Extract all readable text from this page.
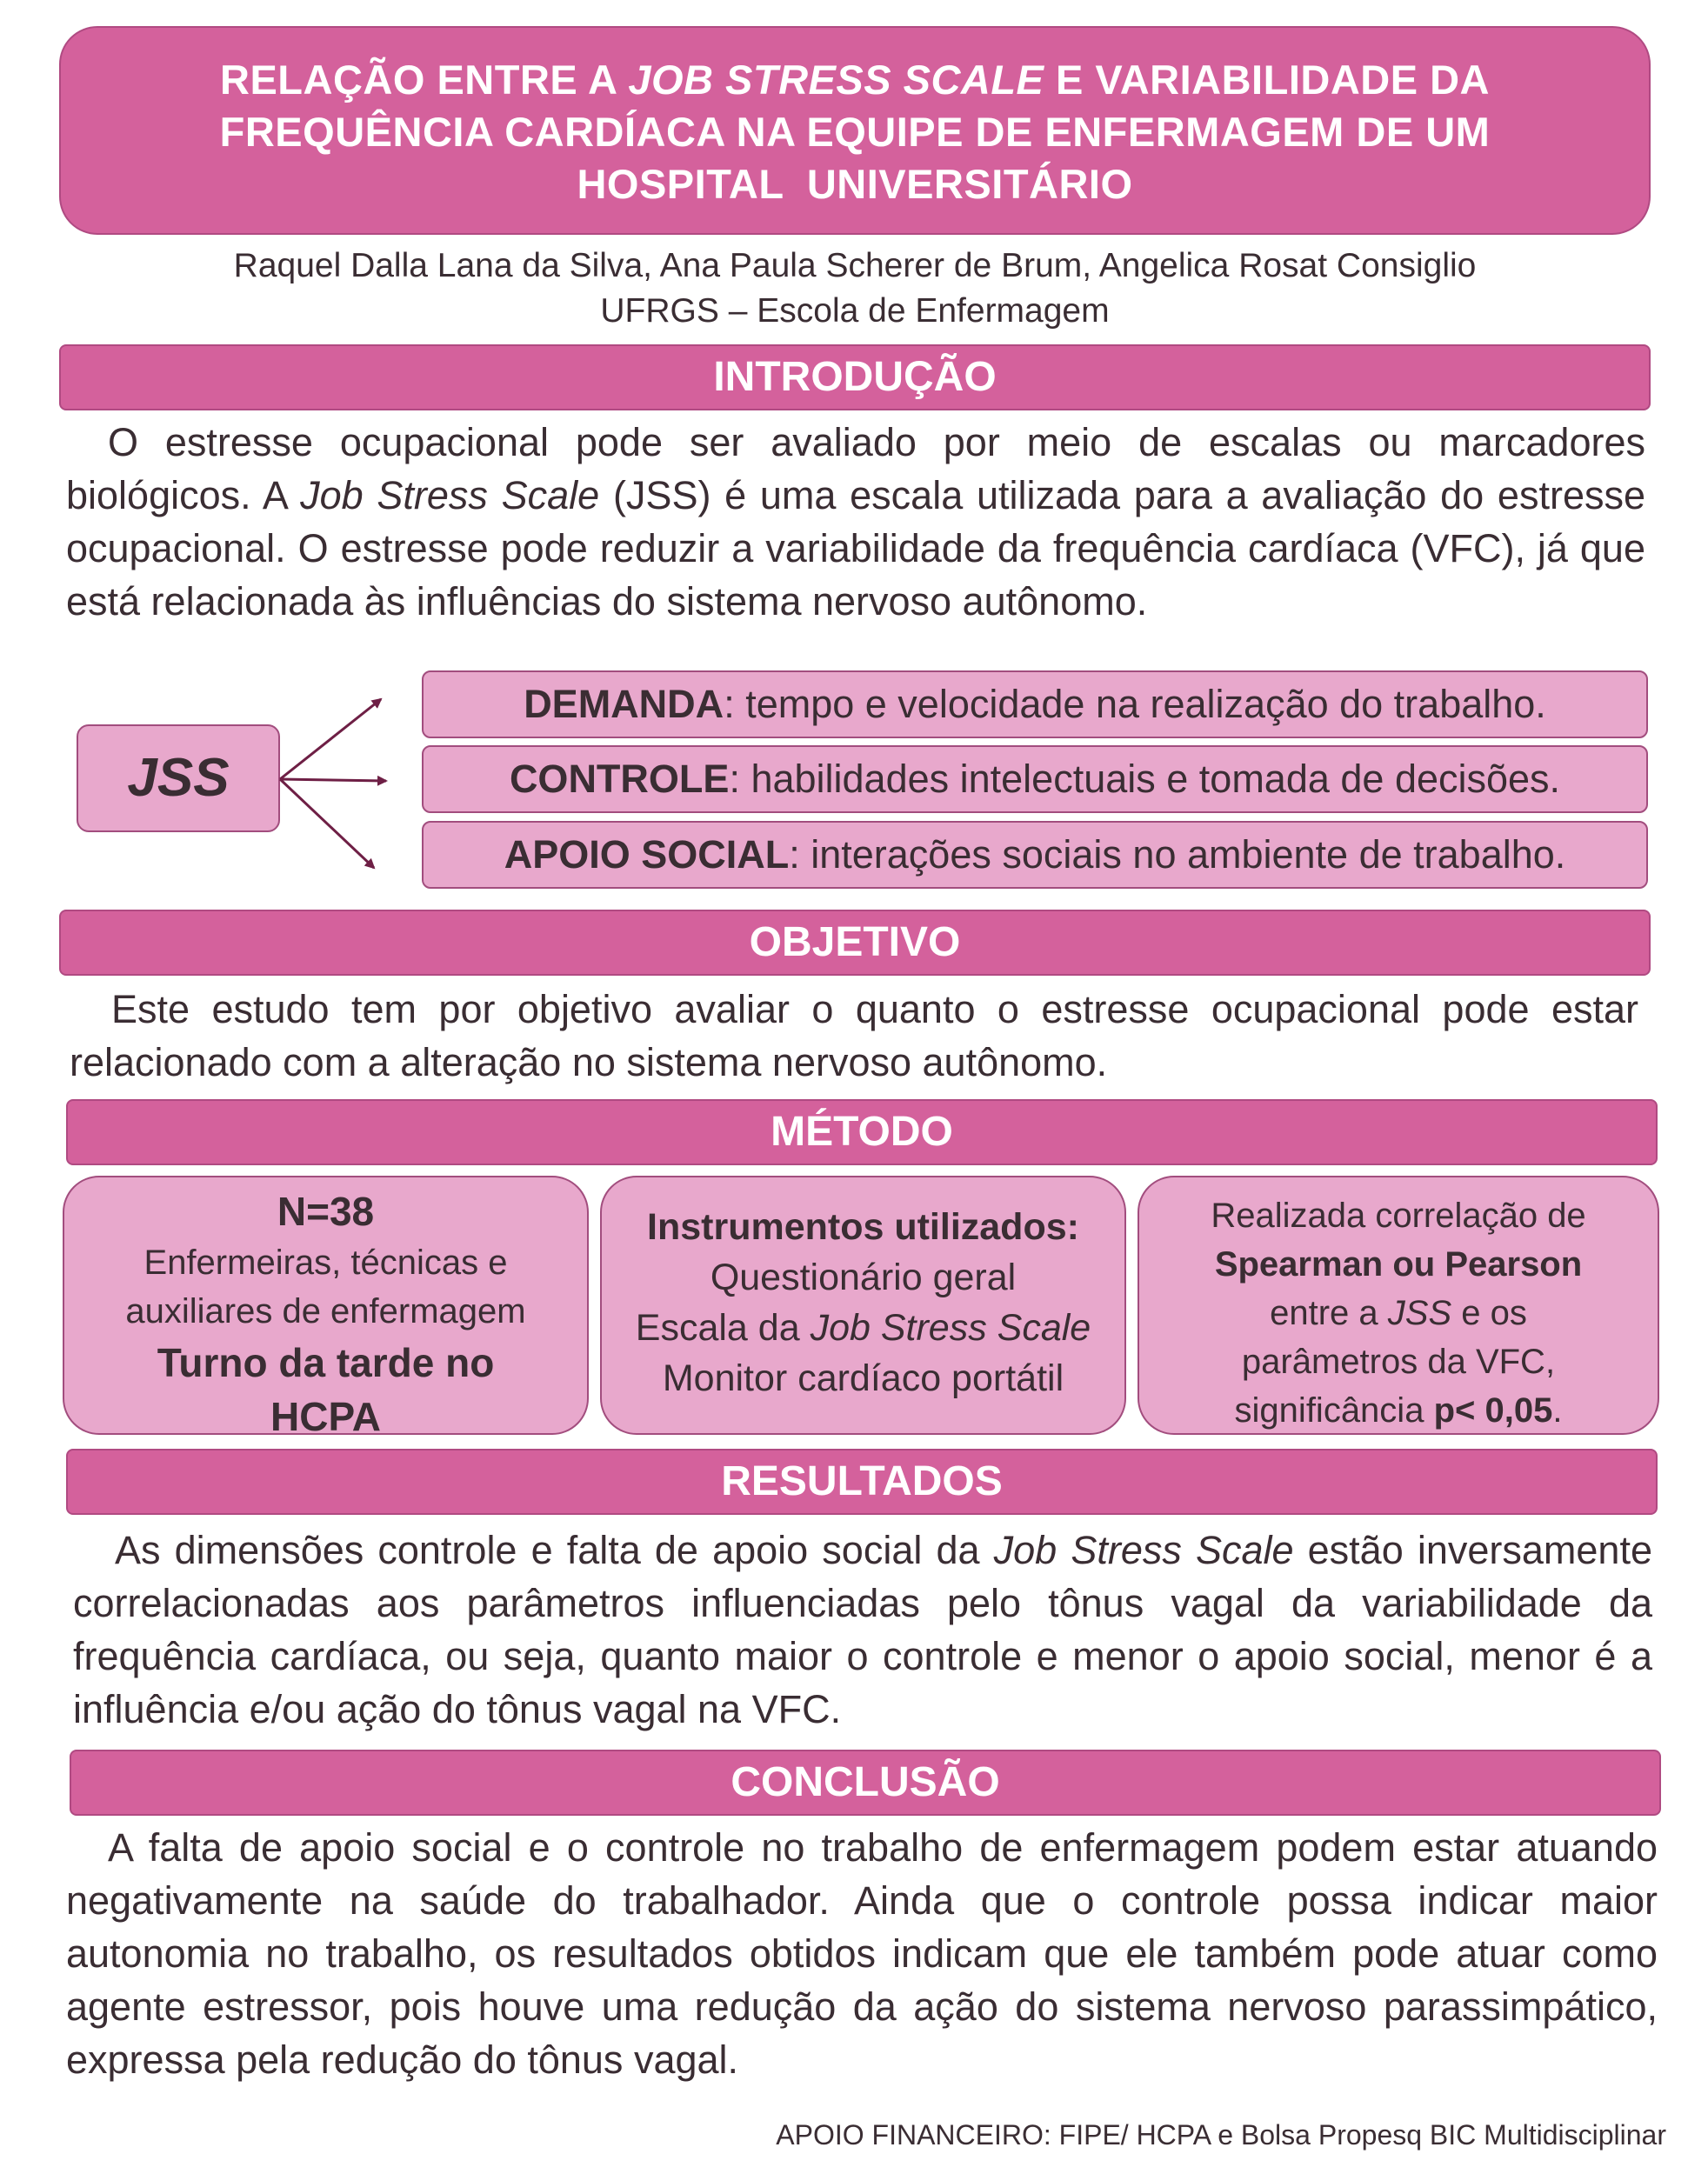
RELAÇÃO ENTRE A JOB STRESS SCALE E VARIABILIDADE DA
FREQUÊNCIA CARDÍACA NA EQUIPE DE ENFERMAGEM DE UM
HOSPITAL  UNIVERSITÁRIO
Raquel Dalla Lana da Silva, Ana Paula Scherer de Brum, Angelica Rosat Consiglio
UFRGS – Escola de Enfermagem
INTRODUÇÃO
O estresse ocupacional pode ser avaliado por meio de escalas ou marcadores biológicos. A Job Stress Scale (JSS) é uma escala utilizada para a avaliação do estresse ocupacional. O estresse pode reduzir a variabilidade da frequência cardíaca (VFC), já que está relacionada às influências do sistema nervoso autônomo.
JSS
DEMANDA: tempo e velocidade na realização do trabalho.
CONTROLE: habilidades intelectuais e tomada de decisões.
APOIO SOCIAL: interações sociais no ambiente de trabalho.
OBJETIVO
Este estudo tem por objetivo avaliar o quanto o estresse ocupacional pode estar relacionado com a alteração no sistema nervoso autônomo.
MÉTODO
N=38
Enfermeiras, técnicas e
auxiliares de enfermagem
Turno da tarde no
HCPA
Instrumentos utilizados:
Questionário geral
Escala da Job Stress Scale
Monitor cardíaco portátil
Realizada correlação de
Spearman ou Pearson
entre a JSS e os
parâmetros da VFC,
significância p< 0,05.
RESULTADOS
As dimensões controle e falta de apoio social da Job Stress Scale estão inversamente correlacionadas aos parâmetros influenciadas pelo tônus vagal da variabilidade da frequência cardíaca, ou seja, quanto maior o controle e menor o apoio social, menor é a influência e/ou ação do tônus vagal na VFC.
CONCLUSÃO
A falta de apoio social e o controle no trabalho de enfermagem podem estar atuando negativamente na saúde do trabalhador. Ainda que o controle possa indicar maior autonomia no trabalho, os resultados obtidos indicam que ele também pode atuar como agente estressor, pois houve uma redução da ação do sistema nervoso parassimpático, expressa pela redução do tônus vagal.
APOIO FINANCEIRO: FIPE/ HCPA e Bolsa Propesq BIC Multidisciplinar
